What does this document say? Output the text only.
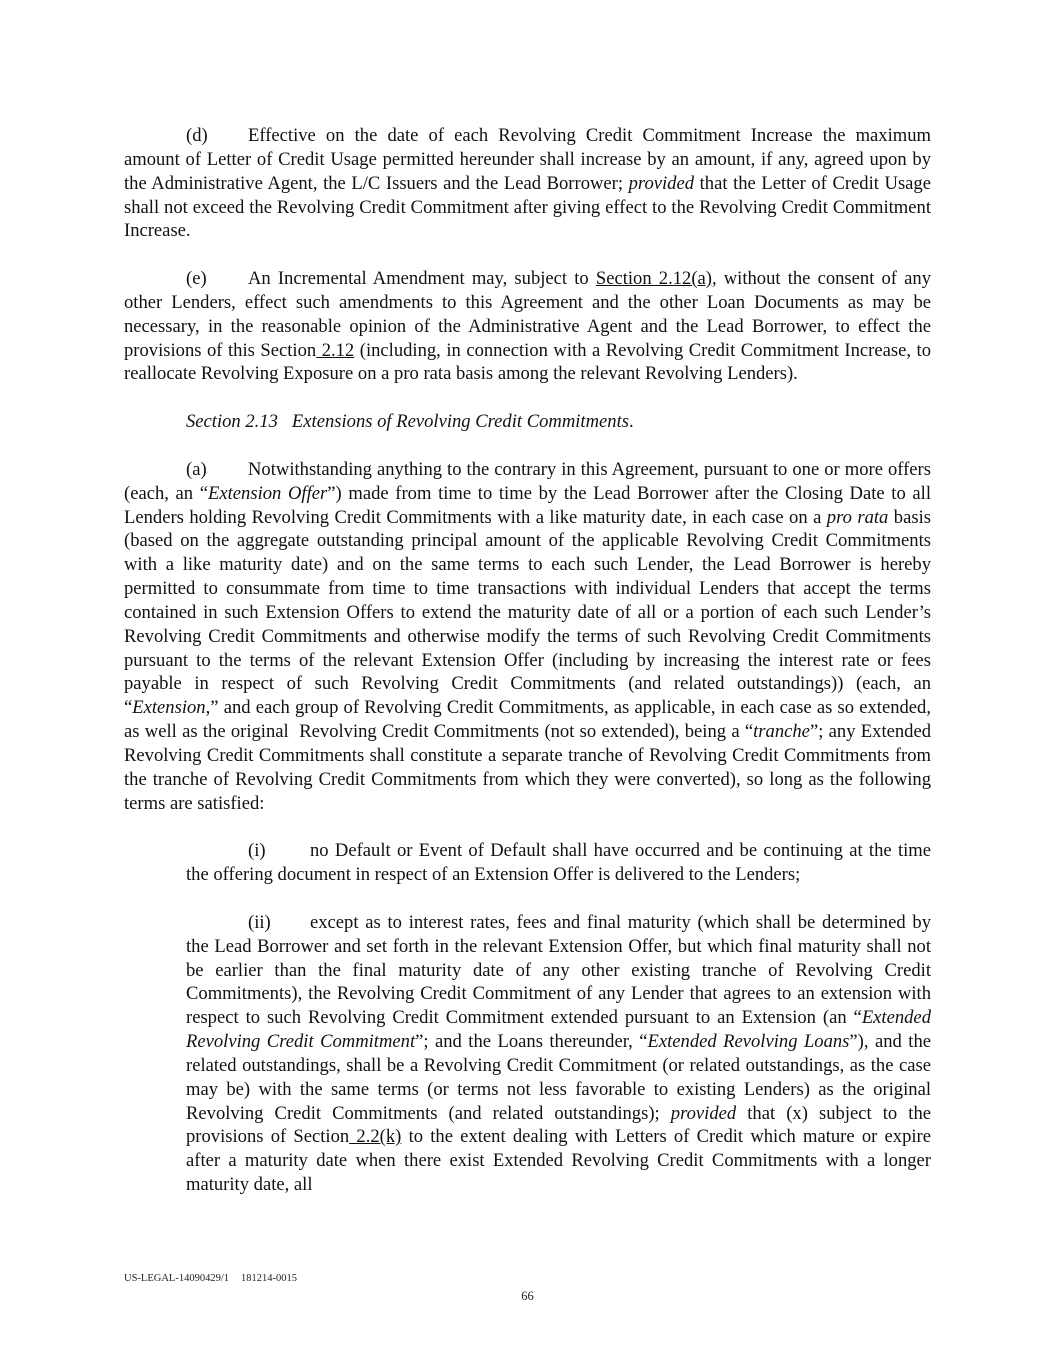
(d) Effective on the date of each Revolving Credit Commitment Increase the maximum amount of Letter of Credit Usage permitted hereunder shall increase by an amount, if any, agreed upon by the Administrative Agent, the L/C Issuers and the Lead Borrower; provided that the Letter of Credit Usage shall not exceed the Revolving Credit Commitment after giving effect to the Revolving Credit Commitment Increase.

(e) An Incremental Amendment may, subject to Section 2.12(a), without the consent of any other Lenders, effect such amendments to this Agreement and the other Loan Documents as may be necessary, in the reasonable opinion of the Administrative Agent and the Lead Borrower, to effect the provisions of this Section 2.12 (including, in connection with a Revolving Credit Commitment Increase, to reallocate Revolving Exposure on a pro rata basis among the relevant Revolving Lenders).

Section 2.13 Extensions of Revolving Credit Commitments.

(a) Notwithstanding anything to the contrary in this Agreement, pursuant to one or more offers (each, an “Extension Offer”) made from time to time by the Lead Borrower after the Closing Date to all Lenders holding Revolving Credit Commitments with a like maturity date, in each case on a pro rata basis (based on the aggregate outstanding principal amount of the applicable Revolving Credit Commitments with a like maturity date) and on the same terms to each such Lender, the Lead Borrower is hereby permitted to consummate from time to time transactions with individual Lenders that accept the terms contained in such Extension Offers to extend the maturity date of all or a portion of each such Lender’s Revolving Credit Commitments and otherwise modify the terms of such Revolving Credit Commitments pursuant to the terms of the relevant Extension Offer (including by increasing the interest rate or fees payable in respect of such Revolving Credit Commitments (and related outstandings)) (each, an “Extension,” and each group of Revolving Credit Commitments, as applicable, in each case as so extended, as well as the original  Revolving Credit Commitments (not so extended), being a “tranche”; any Extended Revolving Credit Commitments shall constitute a separate tranche of Revolving Credit Commitments from the tranche of Revolving Credit Commitments from which they were converted), so long as the following terms are satisfied:

(i) no Default or Event of Default shall have occurred and be continuing at the time the offering document in respect of an Extension Offer is delivered to the Lenders;

(ii) except as to interest rates, fees and final maturity (which shall be determined by the Lead Borrower and set forth in the relevant Extension Offer, but which final maturity shall not be earlier than the final maturity date of any other existing tranche of Revolving Credit Commitments), the Revolving Credit Commitment of any Lender that agrees to an extension with respect to such Revolving Credit Commitment extended pursuant to an Extension (an “Extended Revolving Credit Commitment”; and the Loans thereunder, “Extended Revolving Loans”), and the related outstandings, shall be a Revolving Credit Commitment (or related outstandings, as the case may be) with the same terms (or terms not less favorable to existing Lenders) as the original Revolving Credit Commitments (and related outstandings); provided that (x) subject to the provisions of Section 2.2(k) to the extent dealing with Letters of Credit which mature or expire after a maturity date when there exist Extended Revolving Credit Commitments with a longer maturity date, all

US-LEGAL-14090429/1 181214-0015
66
